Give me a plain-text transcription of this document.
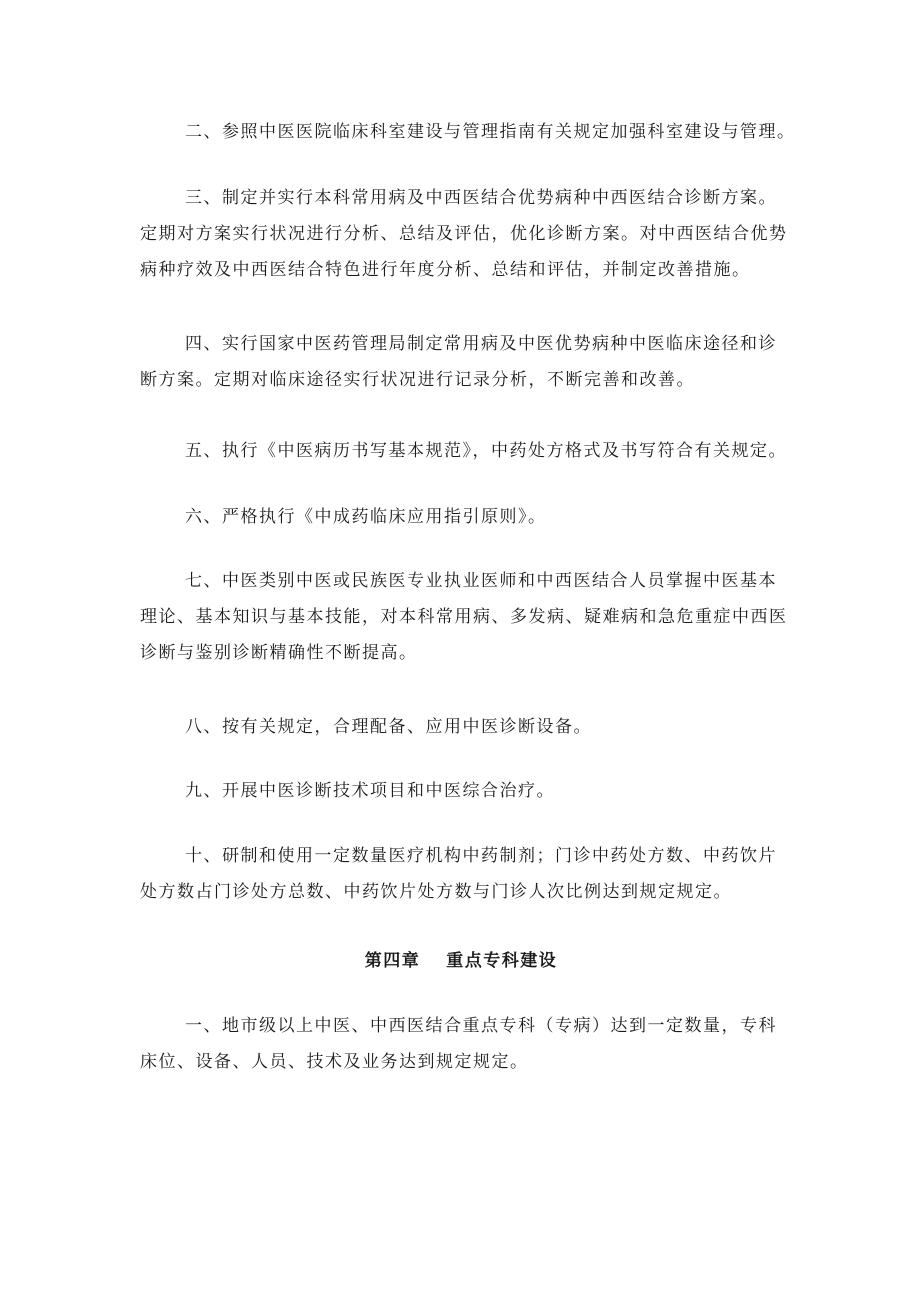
二、参照中医医院临床科室建设与管理指南有关规定加强科室建设与管理。
三、制定并实行本科常用病及中西医结合优势病种中西医结合诊断方案。
定期对方案实行状况进行分析、总结及评估，优化诊断方案。对中西医结合优势
病种疗效及中西医结合特色进行年度分析、总结和评估，并制定改善措施。
四、实行国家中医药管理局制定常用病及中医优势病种中医临床途径和诊
断方案。定期对临床途径实行状况进行记录分析，不断完善和改善。
五、执行《中医病历书写基本规范》，中药处方格式及书写符合有关规定。
六、严格执行《中成药临床应用指引原则》。
七、中医类别中医或民族医专业执业医师和中西医结合人员掌握中医基本
理论、基本知识与基本技能，对本科常用病、多发病、疑难病和急危重症中西医
诊断与鉴别诊断精确性不断提高。
八、按有关规定，合理配备、应用中医诊断设备。
九、开展中医诊断技术项目和中医综合治疗。
十、研制和使用一定数量医疗机构中药制剂；门诊中药处方数、中药饮片
处方数占门诊处方总数、中药饮片处方数与门诊人次比例达到规定规定。
第四章 重点专科建设
一、地市级以上中医、中西医结合重点专科（专病）达到一定数量，专科
床位、设备、人员、技术及业务达到规定规定。
